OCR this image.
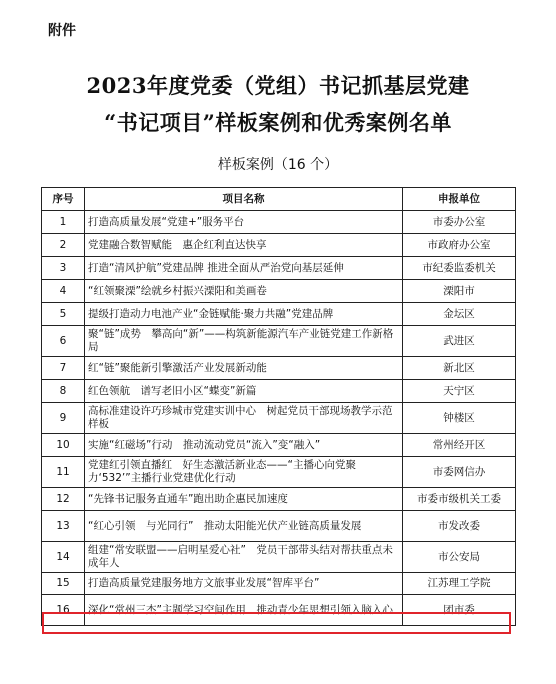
附件
2023年度党委（党组）书记抓基层党建
“书记项目”样板案例和优秀案例名单
样板案例（16 个）
序号	项目名称	申报单位
1	打造高质量发展“党建+”服务平台	市委办公室
2	党建融合数智赋能　惠企红利直达快享	市政府办公室
3	打造“清风护航”党建品牌 推进全面从严治党向基层延伸	市纪委监委机关
4	“红领聚溧”绘就乡村振兴溧阳和美画卷	溧阳市
5	提级打造动力电池产业“金链赋能·聚力共融”党建品牌	金坛区
6	聚“链”成势　攀高向“新”——构筑新能源汽车产业链党建工作新格局	武进区
7	红“链”聚能新引擎激活产业发展新动能	新北区
8	红色领航　谱写老旧小区“蝶变”新篇	天宁区
9	高标准建设许巧珍城市党建实训中心　树起党员干部现场教学示范样板	钟楼区
10	实施“红磁场”行动　推动流动党员“流入”变“融入”	常州经开区
11	党建红引领直播红　好生态激活新业态——“主播心向党聚力‘532’”主播行业党建优化行动	市委网信办
12	“先锋书记服务直通车”跑出助企惠民加速度	市委市级机关工委
13	“红心引领　与光同行”　推动太阳能光伏产业链高质量发展	市发改委
14	组建“常安联盟——启明星爱心社”　党员干部带头结对帮扶重点未成年人	市公安局
15	打造高质量党建服务地方文旅事业发展“智库平台”	江苏理工学院
16	深化“常州三杰”主题学习空间作用　推动青少年思想引领入脑入心	团市委
